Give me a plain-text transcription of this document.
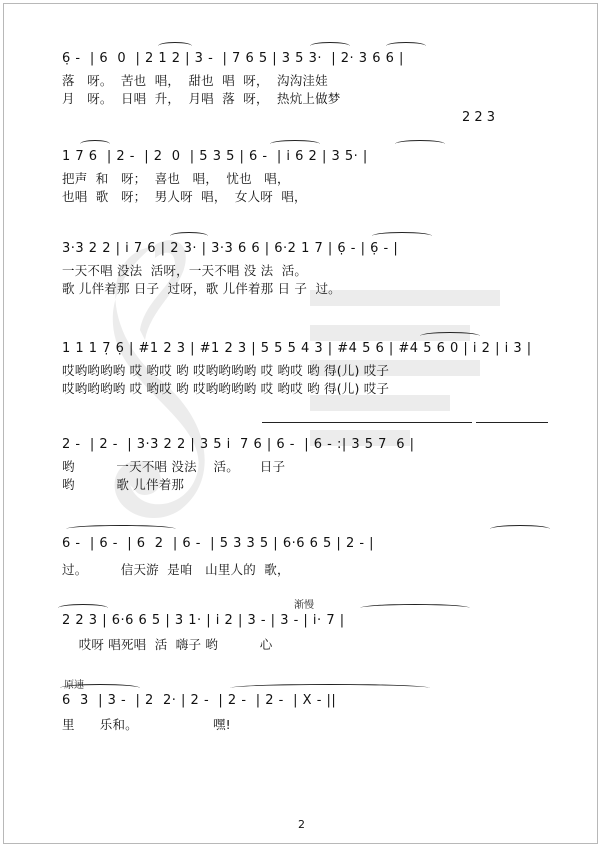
6̣ -  | 6  0  | 2 1 2 | 3 -  | 7 6 5 | 3 5 3·  | 2· 3 6 6 |
落   呀。  苦也  唱，  甜也  唱  呀，  沟沟洼娃
月   呀。  日唱  升，  月唱  落  呀，  热炕上做梦
2 2 3
1 7 6  | 2 -  | 2  0  | 5 3 5 | 6 -  | i 6 2 | 3 5· |
把声  和   呀；  喜也   唱，  忧也   唱，
也唱  歌   呀；  男人呀  唱，  女人呀  唱，
3·3 2 2 | i 7 6 | 2 3· | 3·3 6 6 | 6·2 1 7 | 6̣ - | 6̣ - |
一天不唱 没法  活呀，一天不唱 没 法  活。
歌 儿伴着那 日子  过呀，歌 儿伴着那 日 子  过。
1 1 1 7̣ 6̣ | #1 2 3 | #1 2 3 | 5 5 5 4 3 | #4 5 6 | #4 5 6 0 | i 2 | i 3 |
哎哟哟哟哟 哎 哟哎 哟 哎哟哟哟哟 哎 哟哎 哟 得(儿) 哎子
哎哟哟哟哟 哎 哟哎 哟 哎哟哟哟哟 哎 哟哎 哟 得(儿) 哎子
2 -  | 2 -  | 3·3 2 2 | 3 5 i  7 6 | 6 -  | 6 - :| 3 5 7  6 |
哟          一天不唱 没法    活。     日子
哟          歌 儿伴着那
6 -  | 6 -  | 6  2  | 6 -  | 5 3 3 5 | 6·6 6 5 | 2 - |
过。        信天游  是咱   山里人的  歌，
渐慢
2 2 3 | 6·6 6 5 | 3 1· | i 2 | 3 - | 3 - | i· 7 |
哎呀 唱死唱  活  嗨子 哟          心
原速
6  3  | 3 -  | 2  2· | 2 -  | 2 -  | 2 -  | X - ||
里      乐和。                  嘿!
2
